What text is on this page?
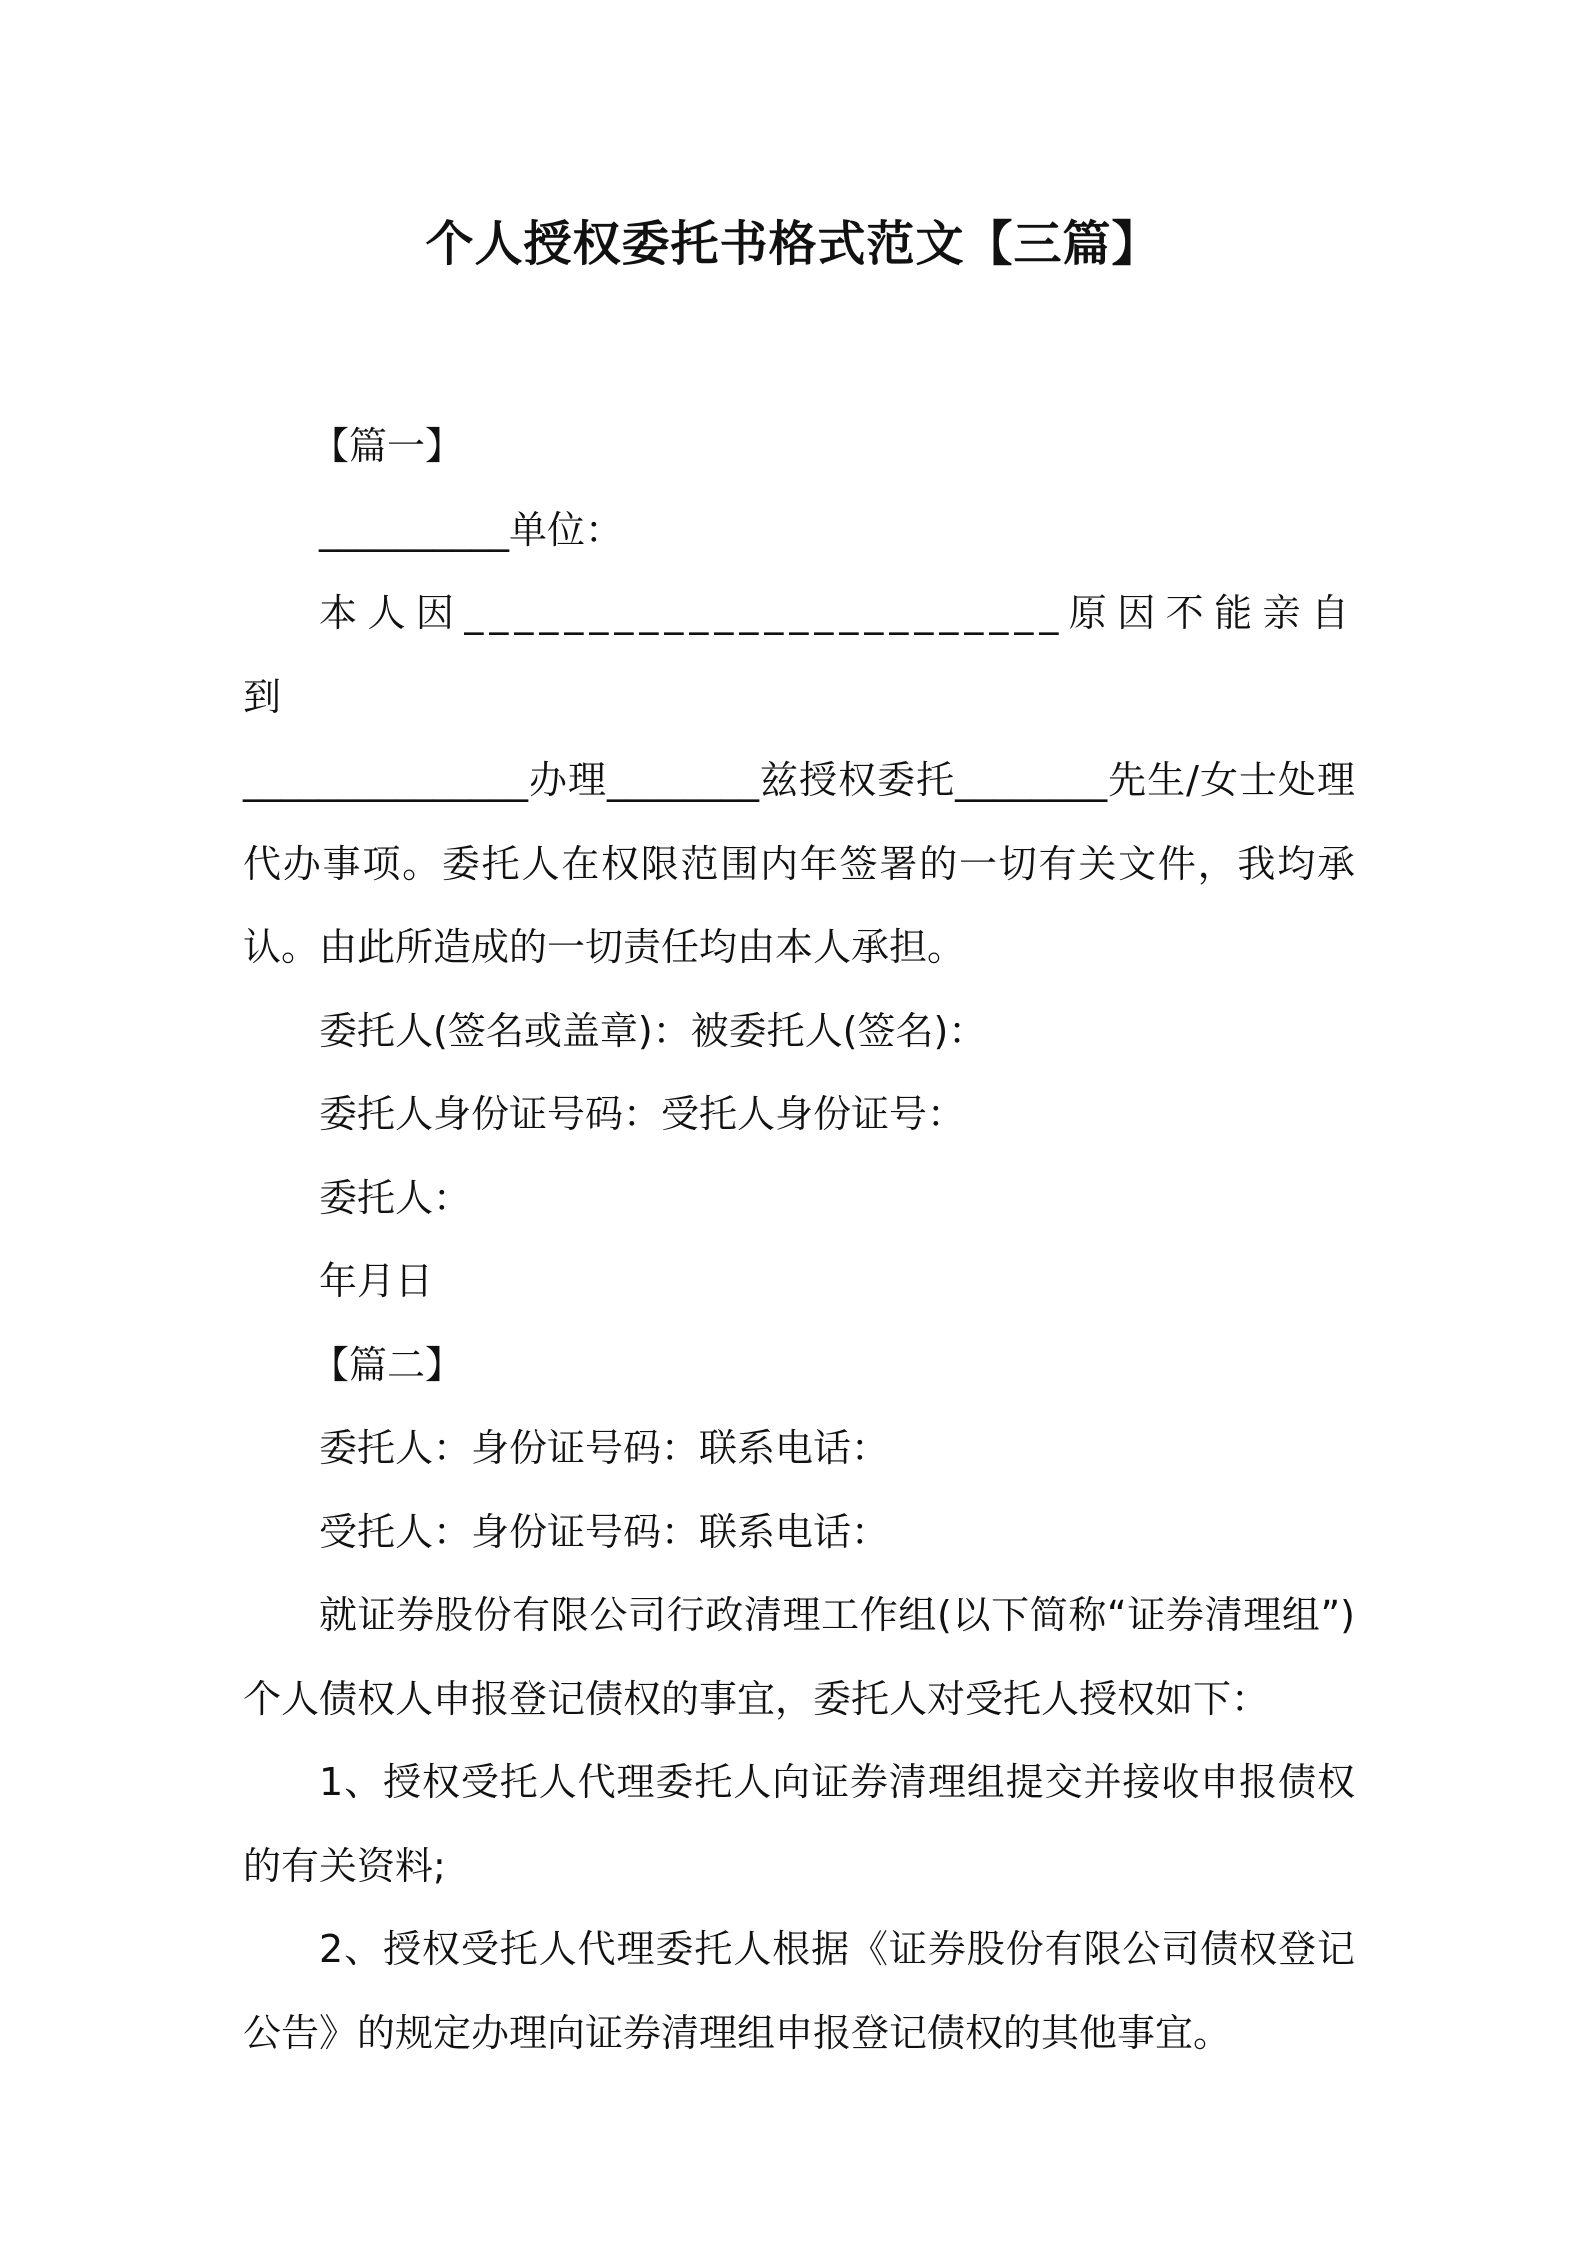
个人授权委托书格式范文【三篇】

【篇一】

__________单位：

本人因________________________原因不能亲自到

_______________办理________兹授权委托________先生/女士处理代办事项。委托人在权限范围内年签署的一切有关文件，我均承认。由此所造成的一切责任均由本人承担。

委托人(签名或盖章)：被委托人(签名)：

委托人身份证号码：受托人身份证号：

委托人：

年月日

【篇二】

委托人：身份证号码：联系电话：

受托人：身份证号码：联系电话：

就证券股份有限公司行政清理工作组(以下简称“证券清理组”)个人债权人申报登记债权的事宜，委托人对受托人授权如下：

1、授权受托人代理委托人向证券清理组提交并接收申报债权的有关资料;

2、授权受托人代理委托人根据《证券股份有限公司债权登记公告》的规定办理向证券清理组申报登记债权的其他事宜。
